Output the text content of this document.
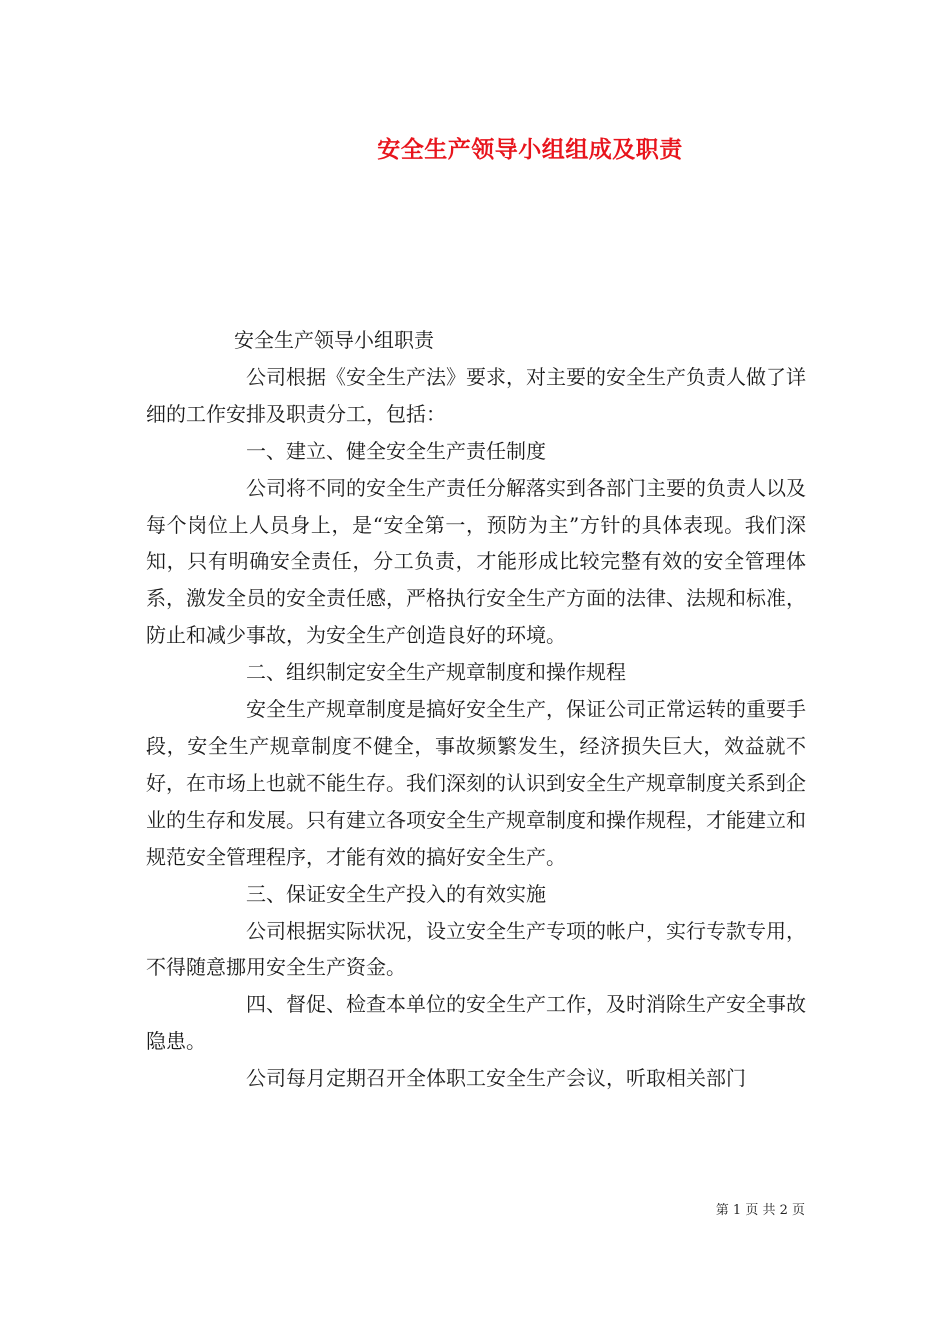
安全生产领导小组组成及职责

安全生产领导小组职责

公司根据《安全生产法》要求，对主要的安全生产负责人做了详细的工作安排及职责分工，包括：

一、建立、健全安全生产责任制度

公司将不同的安全生产责任分解落实到各部门主要的负责人以及每个岗位上人员身上，是“安全第一，预防为主”方针的具体表现。我们深知，只有明确安全责任，分工负责，才能形成比较完整有效的安全管理体系，激发全员的安全责任感，严格执行安全生产方面的法律、法规和标准，防止和减少事故，为安全生产创造良好的环境。

二、组织制定安全生产规章制度和操作规程

安全生产规章制度是搞好安全生产，保证公司正常运转的重要手段，安全生产规章制度不健全，事故频繁发生，经济损失巨大，效益就不好，在市场上也就不能生存。我们深刻的认识到安全生产规章制度关系到企业的生存和发展。只有建立各项安全生产规章制度和操作规程，才能建立和规范安全管理程序，才能有效的搞好安全生产。

三、保证安全生产投入的有效实施

公司根据实际状况，设立安全生产专项的帐户，实行专款专用，不得随意挪用安全生产资金。

四、督促、检查本单位的安全生产工作，及时消除生产安全事故隐患。

公司每月定期召开全体职工安全生产会议，听取相关部门

第 1 页 共 2 页
